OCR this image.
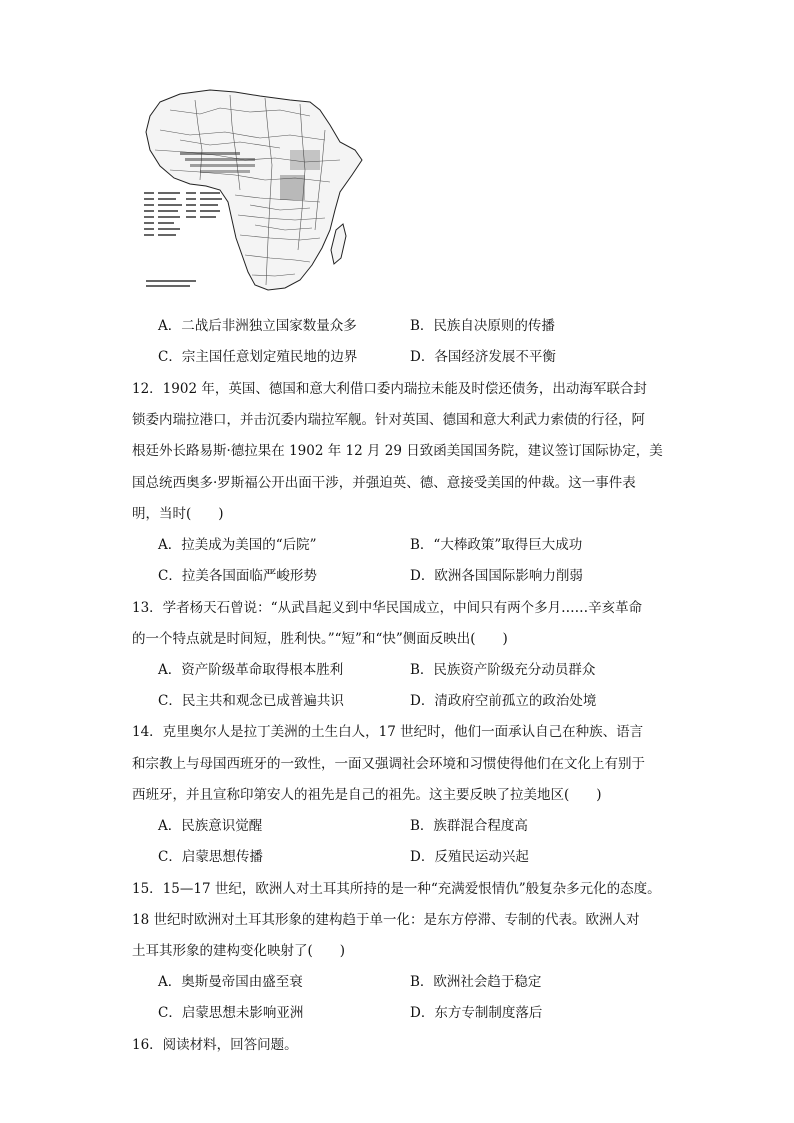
A．二战后非洲独立国家数量众多	B．民族自决原则的传播
C．宗主国任意划定殖民地的边界	D．各国经济发展不平衡
12．1902 年，英国、德国和意大利借口委内瑞拉未能及时偿还债务，出动海军联合封
锁委内瑞拉港口，并击沉委内瑞拉军舰。针对英国、德国和意大利武力索债的行径，阿
根廷外长路易斯·德拉果在 1902 年 12 月 29 日致函美国国务院，建议签订国际协定，美
国总统西奥多·罗斯福公开出面干涉，并强迫英、德、意接受美国的仲裁。这一事件表
明，当时(　　)
A．拉美成为美国的“后院”	B．“大棒政策”取得巨大成功
C．拉美各国面临严峻形势	D．欧洲各国国际影响力削弱
13．学者杨天石曾说：“从武昌起义到中华民国成立，中间只有两个多月……辛亥革命
的一个特点就是时间短，胜利快。”“短”和“快”侧面反映出(　　)
A．资产阶级革命取得根本胜利	B．民族资产阶级充分动员群众
C．民主共和观念已成普遍共识	D．清政府空前孤立的政治处境
14．克里奥尔人是拉丁美洲的土生白人，17 世纪时，他们一面承认自己在种族、语言
和宗教上与母国西班牙的一致性，一面又强调社会环境和习惯使得他们在文化上有别于
西班牙，并且宣称印第安人的祖先是自己的祖先。这主要反映了拉美地区(　　)
A．民族意识觉醒	B．族群混合程度高
C．启蒙思想传播	D．反殖民运动兴起
15．15—17 世纪，欧洲人对土耳其所持的是一种“充满爱恨情仇”般复杂多元化的态度。
18 世纪时欧洲对土耳其形象的建构趋于单一化：是东方停滞、专制的代表。欧洲人对
土耳其形象的建构变化映射了(　　)
A．奥斯曼帝国由盛至衰	B．欧洲社会趋于稳定
C．启蒙思想未影响亚洲	D．东方专制制度落后
16．阅读材料，回答问题。
